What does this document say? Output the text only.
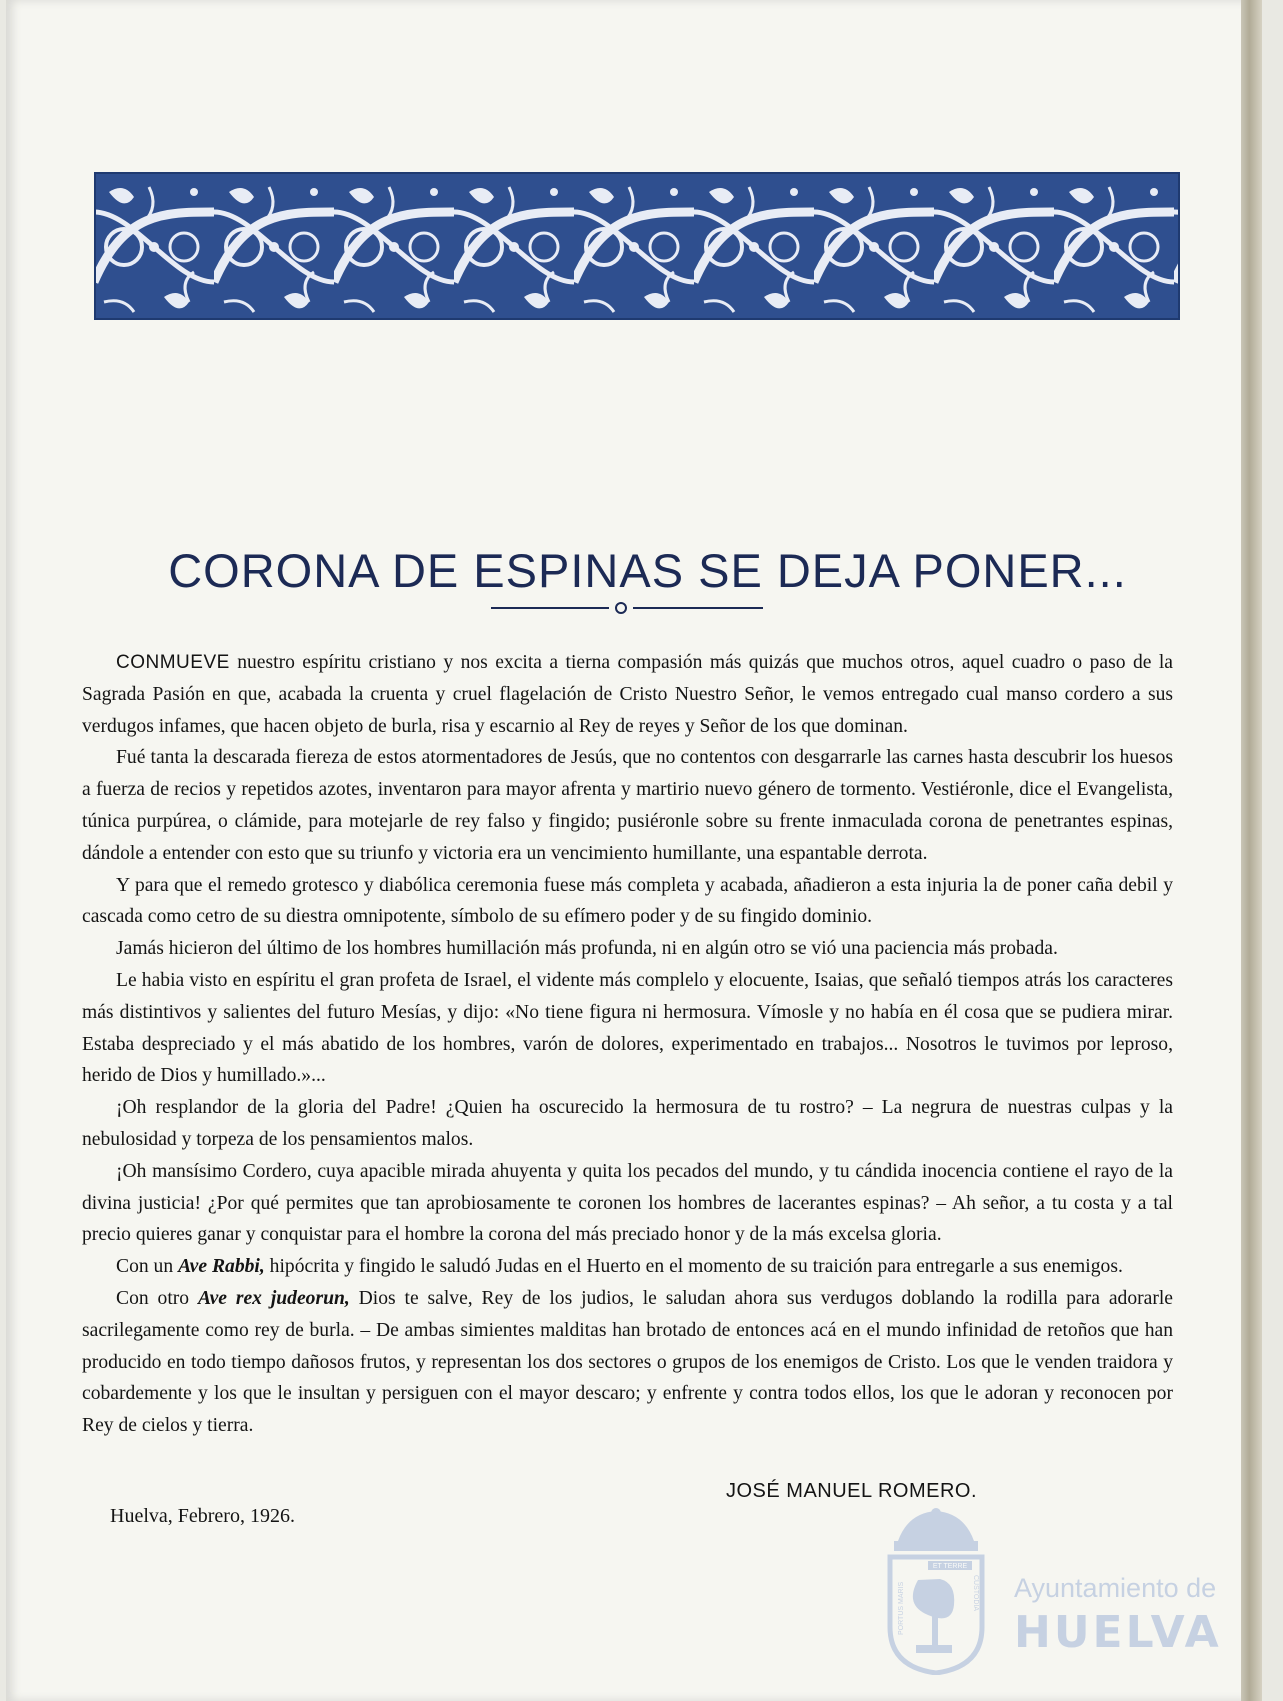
CORONA DE ESPINAS SE DEJA PONER...

CONMUEVE nuestro espíritu cristiano y nos excita a tierna compasión más quizás que muchos otros, aquel cuadro o paso de la Sagrada Pasión en que, acabada la cruenta y cruel flagelación de Cristo Nuestro Señor, le vemos entregado cual manso cordero a sus verdugos infames, que hacen objeto de burla, risa y escarnio al Rey de reyes y Señor de los que dominan.

Fué tanta la descarada fiereza de estos atormentadores de Jesús, que no contentos con desgarrarle las carnes hasta descubrir los huesos a fuerza de recios y repetidos azotes, inventaron para mayor afrenta y martirio nuevo género de tormento. Vestiéronle, dice el Evangelista, túnica purpúrea, o clámide, para motejarle de rey falso y fingido; pusiéronle sobre su frente inmaculada corona de penetrantes espinas, dándole a entender con esto que su triunfo y victoria era un vencimiento humillante, una espantable derrota.

Y para que el remedo grotesco y diabólica ceremonia fuese más completa y acabada, añadieron a esta injuria la de poner caña debil y cascada como cetro de su diestra omnipotente, símbolo de su efímero poder y de su fingido dominio.

Jamás hicieron del último de los hombres humillación más profunda, ni en algún otro se vió una paciencia más probada.

Le habia visto en espíritu el gran profeta de Israel, el vidente más complelo y elocuente, Isaias, que señaló tiempos atrás los caracteres más distintivos y salientes del futuro Mesías, y dijo: «No tiene figura ni hermosura. Vímosle y no había en él cosa que se pudiera mirar. Estaba despreciado y el más abatido de los hombres, varón de dolores, experimentado en trabajos... Nosotros le tuvimos por leproso, herido de Dios y humillado.»...

¡Oh resplandor de la gloria del Padre! ¿Quien ha oscurecido la hermosura de tu rostro? – La negrura de nuestras culpas y la nebulosidad y torpeza de los pensamientos malos.

¡Oh mansísimo Cordero, cuya apacible mirada ahuyenta y quita los pecados del mundo, y tu cándida inocencia contiene el rayo de la divina justicia! ¿Por qué permites que tan aprobiosamente te coronen los hombres de lacerantes espinas? – Ah señor, a tu costa y a tal precio quieres ganar y conquistar para el hombre la corona del más preciado honor y de la más excelsa gloria.

Con un Ave Rabbi, hipócrita y fingido le saludó Judas en el Huerto en el momento de su traición para entregarle a sus enemigos.

Con otro Ave rex judeorun, Dios te salve, Rey de los judios, le saludan ahora sus verdugos doblando la rodilla para adorarle sacrilegamente como rey de burla. – De ambas simientes malditas han brotado de entonces acá en el mundo infinidad de retoños que han producido en todo tiempo dañosos frutos, y representan los dos sectores o grupos de los enemigos de Cristo. Los que le venden traidora y cobardemente y los que le insultan y persiguen con el mayor descaro; y enfrente y contra todos ellos, los que le adoran y reconocen por Rey de cielos y tierra.

JOSÉ MANUEL ROMERO.
Huelva, Febrero, 1926.
ET TERRE
PORTUS MARIS	CUSTODIA Ayuntamiento de
HUELVA
